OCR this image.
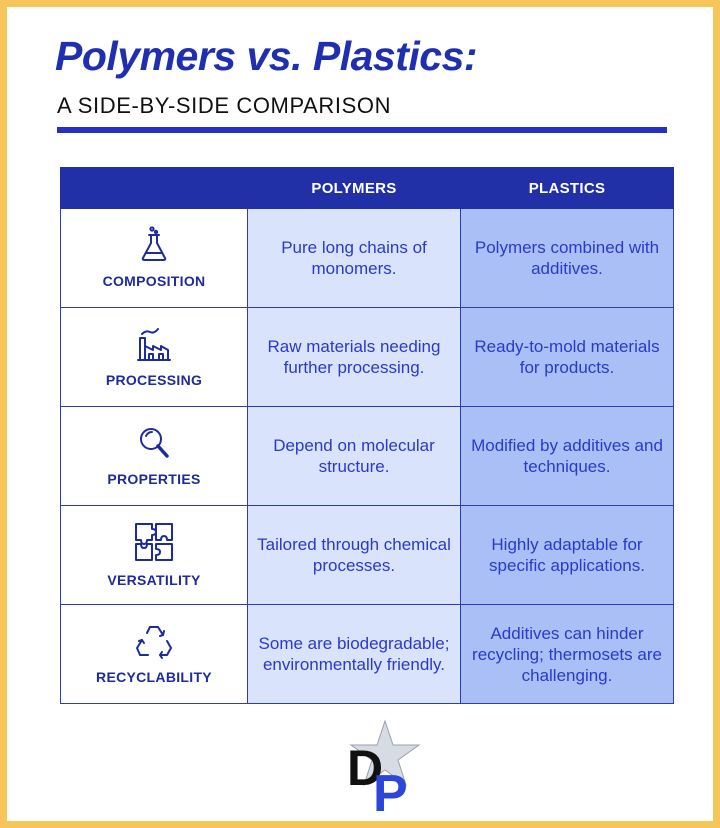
Polymers vs. Plastics:
A SIDE-BY-SIDE COMPARISON
	POLYMERS	PLASTICS

COMPOSITION	Pure long chains of monomers.	Polymers combined with additives.

PROCESSING	Raw materials needing further processing.	Ready-to-mold materials for products.

PROPERTIES	Depend on molecular structure.	Modified by additives and techniques.

VERSATILITY	Tailored through chemical processes.	Highly adaptable for specific applications.

RECYCLABILITY	Some are biodegradable; environmentally friendly.	Additives can hinder recycling; thermosets are challenging.
D
P
